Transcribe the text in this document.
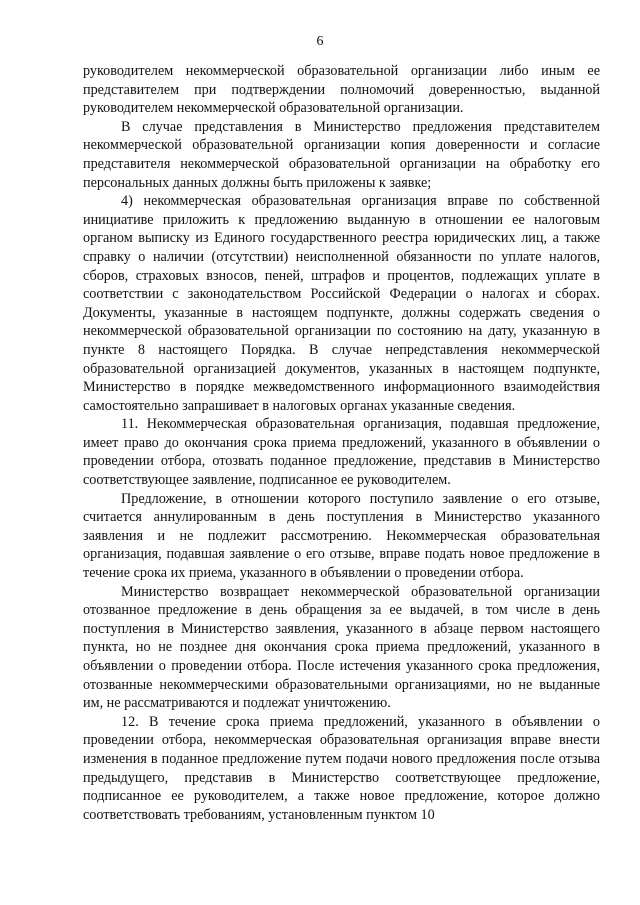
6

руководителем некоммерческой образовательной организации либо иным ее представителем при подтверждении полномочий доверенностью, выданной руководителем некоммерческой образовательной организации.

В случае представления в Министерство предложения представителем некоммерческой образовательной организации копия доверенности и согласие представителя некоммерческой образовательной организации на обработку его персональных данных должны быть приложены к заявке;

4) некоммерческая образовательная организация вправе по собственной инициативе приложить к предложению выданную в отношении ее налоговым органом выписку из Единого государственного реестра юридических лиц, а также справку о наличии (отсутствии) неисполненной обязанности по уплате налогов, сборов, страховых взносов, пеней, штрафов и процентов, подлежащих уплате в соответствии с законодательством Российской Федерации о налогах и сборах. Документы, указанные в настоящем подпункте, должны содержать сведения о некоммерческой образовательной организации по состоянию на дату, указанную в пункте 8 настоящего Порядка. В случае непредставления некоммерческой образовательной организацией документов, указанных в настоящем подпункте, Министерство в порядке межведомственного информационного взаимодействия самостоятельно запрашивает в налоговых органах указанные сведения.

11. Некоммерческая образовательная организация, подавшая предложение, имеет право до окончания срока приема предложений, указанного в объявлении о проведении отбора, отозвать поданное предложение, представив в Министерство соответствующее заявление, подписанное ее руководителем.

Предложение, в отношении которого поступило заявление о его отзыве, считается аннулированным в день поступления в Министерство указанного заявления и не подлежит рассмотрению. Некоммерческая образовательная организация, подавшая заявление о его отзыве, вправе подать новое предложение в течение срока их приема, указанного в объявлении о проведении отбора.

Министерство возвращает некоммерческой образовательной организации отозванное предложение в день обращения за ее выдачей, в том числе в день поступления в Министерство заявления, указанного в абзаце первом настоящего пункта, но не позднее дня окончания срока приема предложений, указанного в объявлении о проведении отбора. После истечения указанного срока предложения, отозванные некоммерческими образовательными организациями, но не выданные им, не рассматриваются и подлежат уничтожению.

12. В течение срока приема предложений, указанного в объявлении о проведении отбора, некоммерческая образовательная организация вправе внести изменения в поданное предложение путем подачи нового предложения после отзыва предыдущего, представив в Министерство соответствующее предложение, подписанное ее руководителем, а также новое предложение, которое должно соответствовать требованиям, установленным пунктом 10
